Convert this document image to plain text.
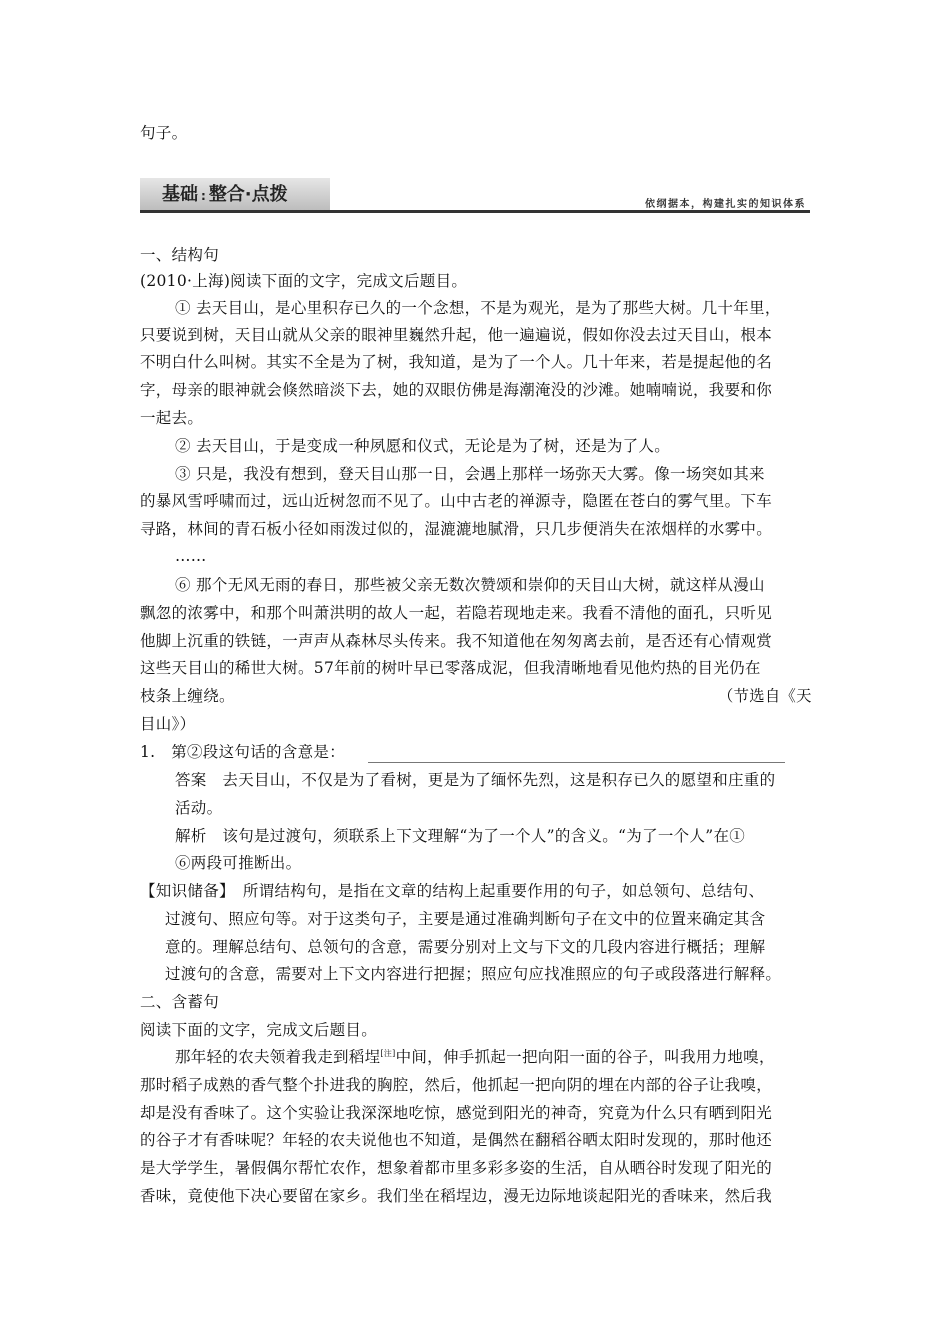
句子。
基础 : 整合·点拨	依纲据本，构建扎实的知识体系
一、结构句
(2010·上海)阅读下面的文字，完成文后题目。
① 去天目山，是心里积存已久的一个念想，不是为观光，是为了那些大树。几十年里，
只要说到树，天目山就从父亲的眼神里巍然升起，他一遍遍说，假如你没去过天目山，根本
不明白什么叫树。其实不全是为了树，我知道，是为了一个人。几十年来，若是提起他的名
字，母亲的眼神就会倏然暗淡下去，她的双眼仿佛是海潮淹没的沙滩。她喃喃说，我要和你
一起去。
② 去天目山，于是变成一种夙愿和仪式，无论是为了树，还是为了人。
③ 只是，我没有想到，登天目山那一日，会遇上那样一场弥天大雾。像一场突如其来
的暴风雪呼啸而过，远山近树忽而不见了。山中古老的禅源寺，隐匿在苍白的雾气里。下车
寻路，林间的青石板小径如雨泼过似的，湿漉漉地腻滑，只几步便消失在浓烟样的水雾中。
……
⑥ 那个无风无雨的春日，那些被父亲无数次赞颂和崇仰的天目山大树，就这样从漫山
飘忽的浓雾中，和那个叫萧洪明的故人一起，若隐若现地走来。我看不清他的面孔，只听见
他脚上沉重的铁链，一声声从森林尽头传来。我不知道他在匆匆离去前，是否还有心情观赏
这些天目山的稀世大树。57年前的树叶早已零落成泥，但我清晰地看见他灼热的目光仍在
枝条上缠绕。	（节选自《天
目山》）
1.　第②段这句话的含意是：
答案　去天目山，不仅是为了看树，更是为了缅怀先烈，这是积存已久的愿望和庄重的
活动。
解析　该句是过渡句，须联系上下文理解“为了一个人”的含义。“为了一个人”在①
⑥两段可推断出。
【知识储备】　所谓结构句，是指在文章的结构上起重要作用的句子，如总领句、总结句、
过渡句、照应句等。对于这类句子，主要是通过准确判断句子在文中的位置来确定其含
意的。理解总结句、总领句的含意，需要分别对上文与下文的几段内容进行概括；理解
过渡句的含意，需要对上下文内容进行把握；照应句应找准照应的句子或段落进行解释。
二、含蓄句
阅读下面的文字，完成文后题目。
那年轻的农夫领着我走到稻埕[注]中间，伸手抓起一把向阳一面的谷子，叫我用力地嗅，
那时稻子成熟的香气整个扑进我的胸腔，然后，他抓起一把向阴的埋在内部的谷子让我嗅，
却是没有香味了。这个实验让我深深地吃惊，感觉到阳光的神奇，究竟为什么只有晒到阳光
的谷子才有香味呢？年轻的农夫说他也不知道，是偶然在翻稻谷晒太阳时发现的，那时他还
是大学学生，暑假偶尔帮忙农作，想象着都市里多彩多姿的生活，自从晒谷时发现了阳光的
香味，竟使他下决心要留在家乡。我们坐在稻埕边，漫无边际地谈起阳光的香味来，然后我
